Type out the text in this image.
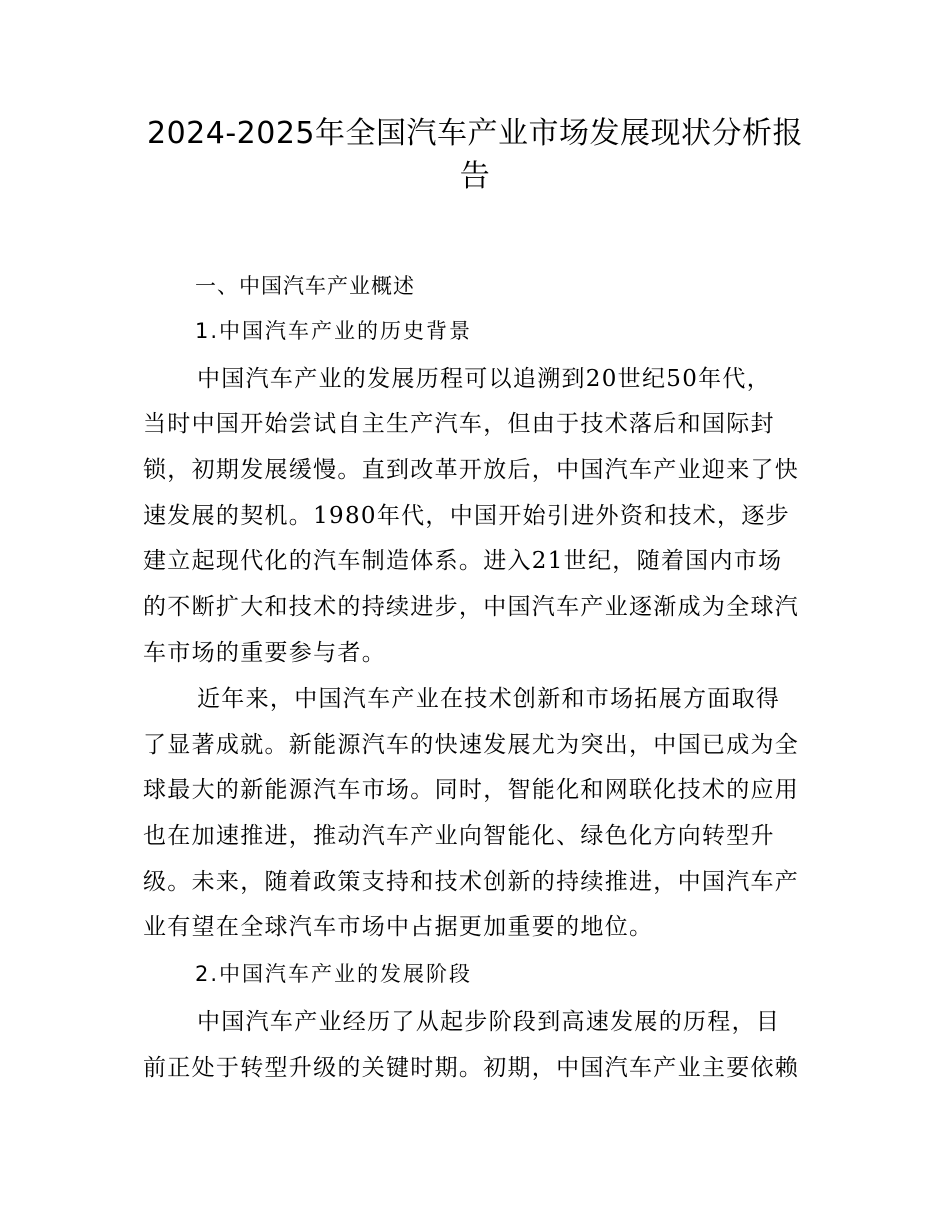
2024-2025年全国汽车产业市场发展现状分析报
告
一、中国汽车产业概述
1.中国汽车产业的历史背景
中国汽车产业的发展历程可以追溯到20世纪50年代，
当时中国开始尝试自主生产汽车，但由于技术落后和国际封
锁，初期发展缓慢。直到改革开放后，中国汽车产业迎来了快
速发展的契机。1980年代，中国开始引进外资和技术，逐步
建立起现代化的汽车制造体系。进入21世纪，随着国内市场
的不断扩大和技术的持续进步，中国汽车产业逐渐成为全球汽
车市场的重要参与者。
近年来，中国汽车产业在技术创新和市场拓展方面取得
了显著成就。新能源汽车的快速发展尤为突出，中国已成为全
球最大的新能源汽车市场。同时，智能化和网联化技术的应用
也在加速推进，推动汽车产业向智能化、绿色化方向转型升
级。未来，随着政策支持和技术创新的持续推进，中国汽车产
业有望在全球汽车市场中占据更加重要的地位。
2.中国汽车产业的发展阶段
中国汽车产业经历了从起步阶段到高速发展的历程，目
前正处于转型升级的关键时期。初期，中国汽车产业主要依赖
